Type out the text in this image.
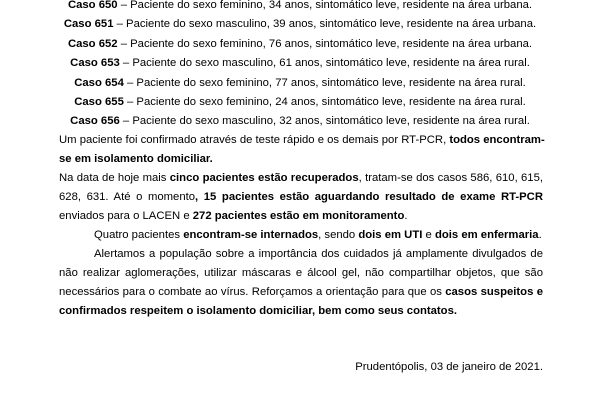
Caso 650 – Paciente do sexo feminino, 34 anos, sintomático leve, residente na área urbana.
Caso 651 – Paciente do sexo masculino, 39 anos, sintomático leve, residente na área urbana.
Caso 652 – Paciente do sexo feminino, 76 anos, sintomático leve, residente na área urbana.
Caso 653 – Paciente do sexo masculino, 61 anos, sintomático leve, residente na área rural.
Caso 654 – Paciente do sexo feminino, 77 anos, sintomático leve, residente na área rural.
Caso 655 – Paciente do sexo feminino, 24 anos, sintomático leve, residente na área rural.
Caso 656 – Paciente do sexo masculino, 32 anos, sintomático leve, residente na área rural.
Um paciente foi confirmado através de teste rápido e os demais por RT-PCR, todos encontram-
se em isolamento domiciliar.
Na data de hoje mais cinco pacientes estão recuperados, tratam-se dos casos 586, 610, 615,
628, 631. Até o momento, 15 pacientes estão aguardando resultado de exame RT-PCR
enviados para o LACEN e 272 pacientes estão em monitoramento.
Quatro pacientes encontram-se internados, sendo dois em UTI e dois em enfermaria.
Alertamos a população sobre a importância dos cuidados já amplamente divulgados de
não realizar aglomerações, utilizar máscaras e álcool gel, não compartilhar objetos, que são
necessários para o combate ao vírus. Reforçamos a orientação para que os casos suspeitos e
confirmados respeitem o isolamento domiciliar, bem como seus contatos.
Prudentópolis, 03 de janeiro de 2021.
